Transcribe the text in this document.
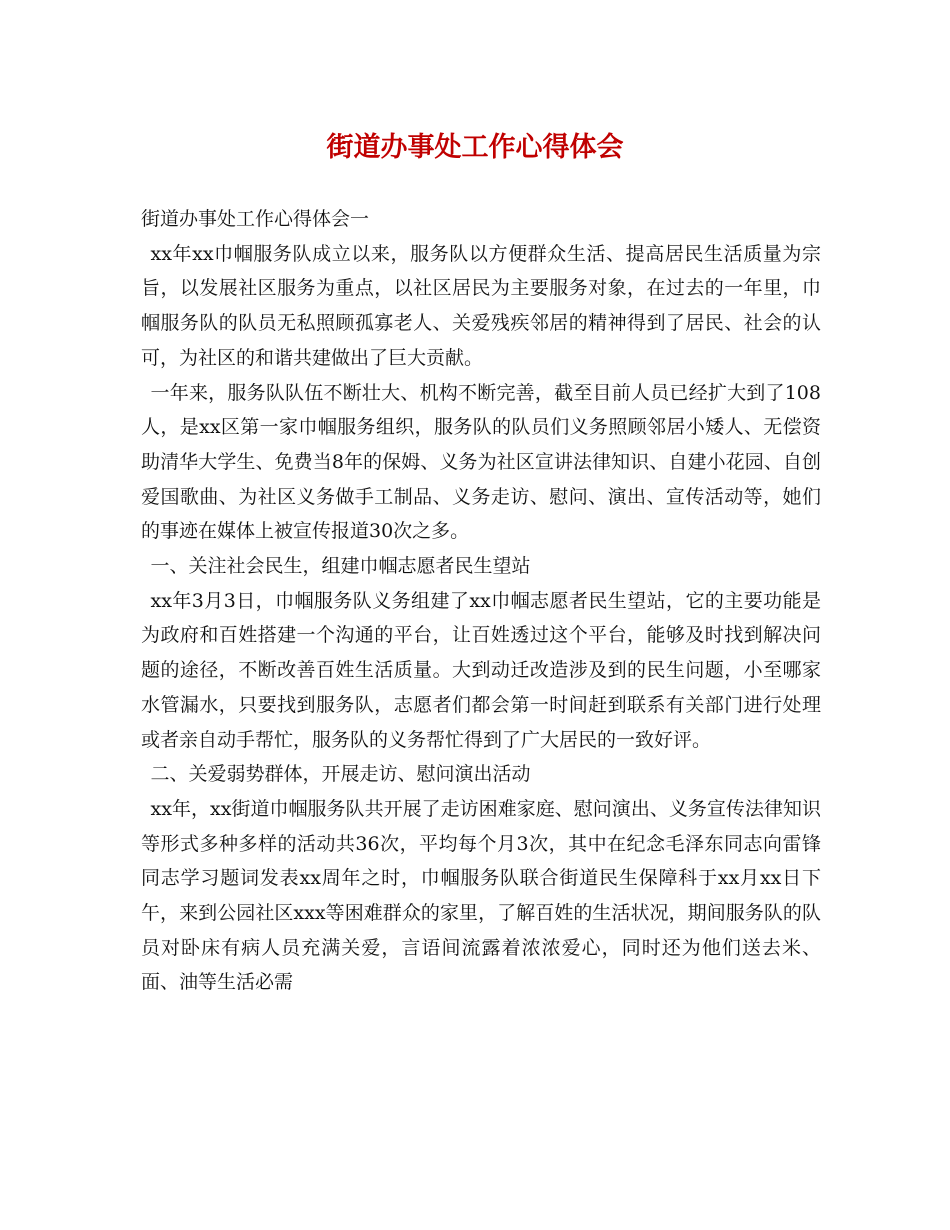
街道办事处工作心得体会

街道办事处工作心得体会一

xx年xx巾帼服务队成立以来，服务队以方便群众生活、提高居民生活质量为宗旨，以发展社区服务为重点，以社区居民为主要服务对象，在过去的一年里，巾帼服务队的队员无私照顾孤寡老人、关爱残疾邻居的精神得到了居民、社会的认可，为社区的和谐共建做出了巨大贡献。

一年来，服务队队伍不断壮大、机构不断完善，截至目前人员已经扩大到了108人，是xx区第一家巾帼服务组织，服务队的队员们义务照顾邻居小矮人、无偿资助清华大学生、免费当8年的保姆、义务为社区宣讲法律知识、自建小花园、自创爱国歌曲、为社区义务做手工制品、义务走访、慰问、演出、宣传活动等，她们的事迹在媒体上被宣传报道30次之多。

一、关注社会民生，组建巾帼志愿者民生望站

xx年3月3日，巾帼服务队义务组建了xx巾帼志愿者民生望站，它的主要功能是为政府和百姓搭建一个沟通的平台，让百姓透过这个平台，能够及时找到解决问题的途径，不断改善百姓生活质量。大到动迁改造涉及到的民生问题，小至哪家水管漏水，只要找到服务队，志愿者们都会第一时间赶到联系有关部门进行处理或者亲自动手帮忙，服务队的义务帮忙得到了广大居民的一致好评。

二、关爱弱势群体，开展走访、慰问演出活动

xx年，xx街道巾帼服务队共开展了走访困难家庭、慰问演出、义务宣传法律知识等形式多种多样的活动共36次，平均每个月3次，其中在纪念毛泽东同志向雷锋同志学习题词发表xx周年之时，巾帼服务队联合街道民生保障科于xx月xx日下午，来到公园社区xxx等困难群众的家里，了解百姓的生活状况，期间服务队的队员对卧床有病人员充满关爱，言语间流露着浓浓爱心，同时还为他们送去米、面、油等生活必需
